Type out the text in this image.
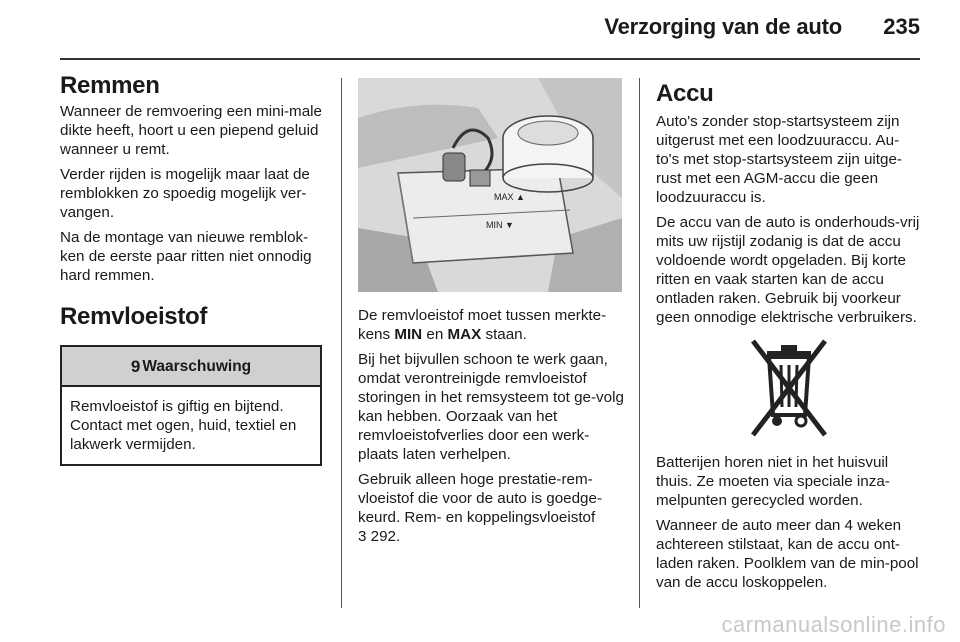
Verzorging van de auto 235
Remmen

Wanneer de remvoering een mini-male dikte heeft, hoort u een piepend geluid wanneer u remt.

Verder rijden is mogelijk maar laat de remblokken zo spoedig mogelijk ver-vangen.

Na de montage van nieuwe remblok-ken de eerste paar ritten niet onnodig hard remmen.

Remvloeistof
9 Waarschuwing
Remvloeistof is giftig en bijtend. Contact met ogen, huid, textiel en lakwerk vermijden.
MAX ▲
MIN ▼

De remvloeistof moet tussen merkte-kens MIN en MAX staan.

Bij het bijvullen schoon te werk gaan, omdat verontreinigde remvloeistof storingen in het remsysteem tot ge-volg kan hebben. Oorzaak van het remvloeistofverlies door een werk-plaats laten verhelpen.

Gebruik alleen hoge prestatie-rem-vloeistof die voor de auto is goedge-keurd. Rem- en koppelingsvloeistof
3 292.

Accu

Auto's zonder stop-startsysteem zijn uitgerust met een loodzuuraccu. Au-to's met stop-startsysteem zijn uitge-rust met een AGM-accu die geen loodzuuraccu is.

De accu van de auto is onderhouds-vrij mits uw rijstijl zodanig is dat de accu voldoende wordt opgeladen. Bij korte ritten en vaak starten kan de accu ontladen raken. Gebruik bij voorkeur geen onnodige elektrische verbruikers.

Batterijen horen niet in het huisvuil thuis. Ze moeten via speciale inza-melpunten gerecycled worden.

Wanneer de auto meer dan 4 weken achtereen stilstaat, kan de accu ont-laden raken. Poolklem van de min-pool van de accu loskoppelen.

carmanualsonline.info
